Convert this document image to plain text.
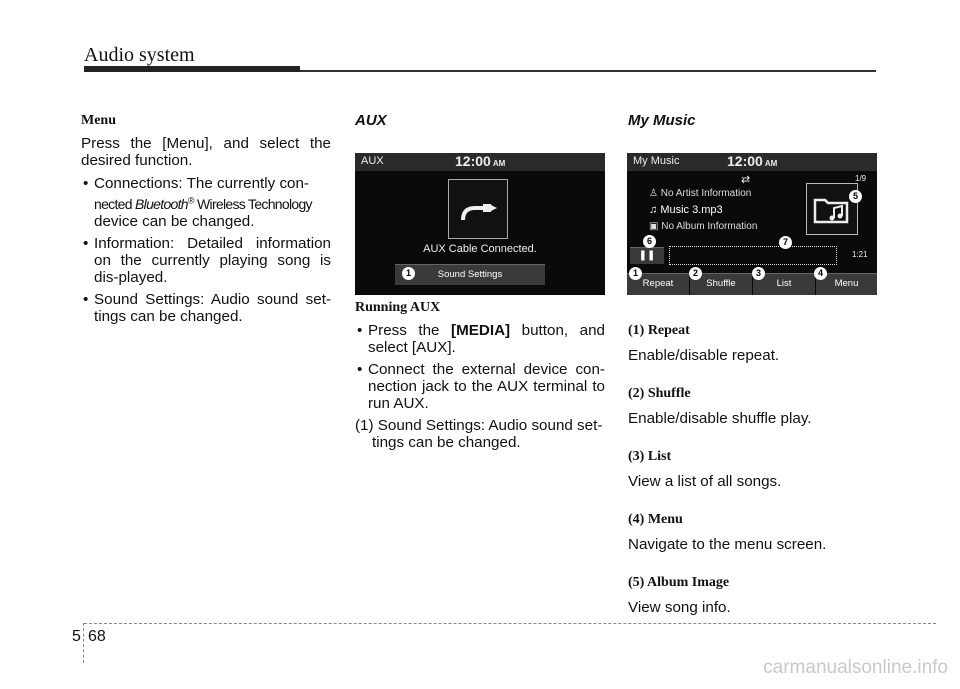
Audio system
Menu

Press the [Menu], and select the desired function.

• Connections: The currently con-
nected Bluetooth® Wireless Technology
device can be changed.
• Information: Detailed information on the currently playing song is dis-played.
• Sound Settings: Audio sound set-tings can be changed.
AUX
Running AUX
• Press the [MEDIA] button, and select [AUX].
• Connect the external device con-nection jack to the AUX terminal to run AUX.

(1) Sound Settings: Audio sound set-tings can be changed.

AUX	12:00 AM
AUX Cable Connected.
Sound Settings
1
My Music
(1) Repeat

Enable/disable repeat.

(2) Shuffle

Enable/disable shuffle play.

(3) List

View a list of all songs.

(4) Menu

Navigate to the menu screen.

(5) Album Image

View song info.

My Music	12:00 AM
⇄	1/9
♙ No Artist Information
♫ Music 3.mp3
▣ No Album Information
❚❚	1:21
Repeat	Shuffle	List	Menu
1	2	3	4
5
6	7
5 68
carmanualsonline.info
